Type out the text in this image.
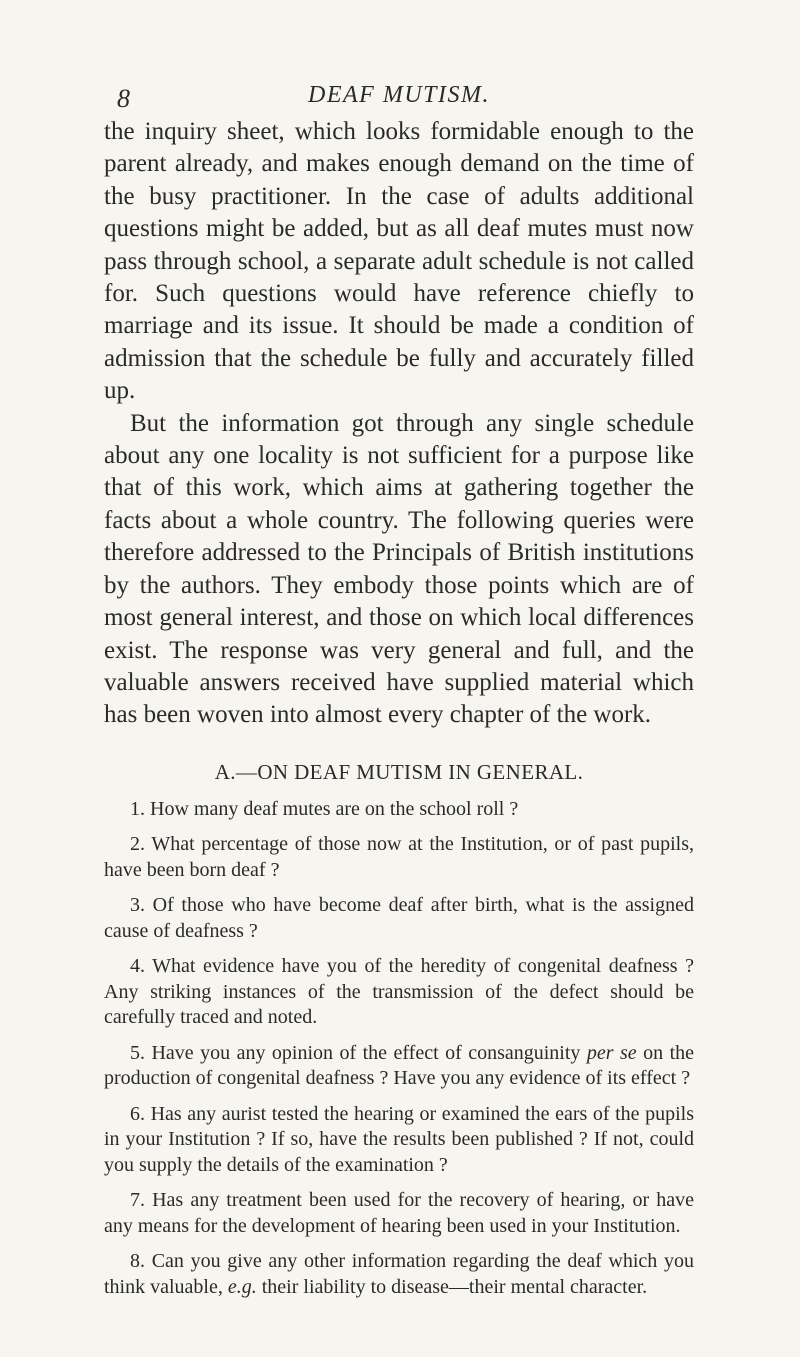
8	DEAF MUTISM.

the inquiry sheet, which looks formidable enough to the parent already, and makes enough demand on the time of the busy practitioner. In the case of adults additional questions might be added, but as all deaf mutes must now pass through school, a separate adult schedule is not called for. Such questions would have reference chiefly to marriage and its issue. It should be made a condition of admission that the schedule be fully and accurately filled up.

But the information got through any single schedule about any one locality is not sufficient for a purpose like that of this work, which aims at gathering together the facts about a whole country. The following queries were therefore addressed to the Principals of British institutions by the authors. They embody those points which are of most general interest, and those on which local differences exist. The response was very general and full, and the valuable answers received have supplied material which has been woven into almost every chapter of the work.

A.—ON DEAF MUTISM IN GENERAL.

1. How many deaf mutes are on the school roll ?

2. What percentage of those now at the Institution, or of past pupils, have been born deaf ?

3. Of those who have become deaf after birth, what is the assigned cause of deafness ?

4. What evidence have you of the heredity of congenital deafness ? Any striking instances of the transmission of the defect should be carefully traced and noted.

5. Have you any opinion of the effect of consanguinity per se on the production of congenital deafness ? Have you any evidence of its effect ?

6. Has any aurist tested the hearing or examined the ears of the pupils in your Institution ? If so, have the results been published ? If not, could you supply the details of the examination ?

7. Has any treatment been used for the recovery of hearing, or have any means for the development of hearing been used in your Institution.

8. Can you give any other information regarding the deaf which you think valuable, e.g. their liability to disease—their mental character.
